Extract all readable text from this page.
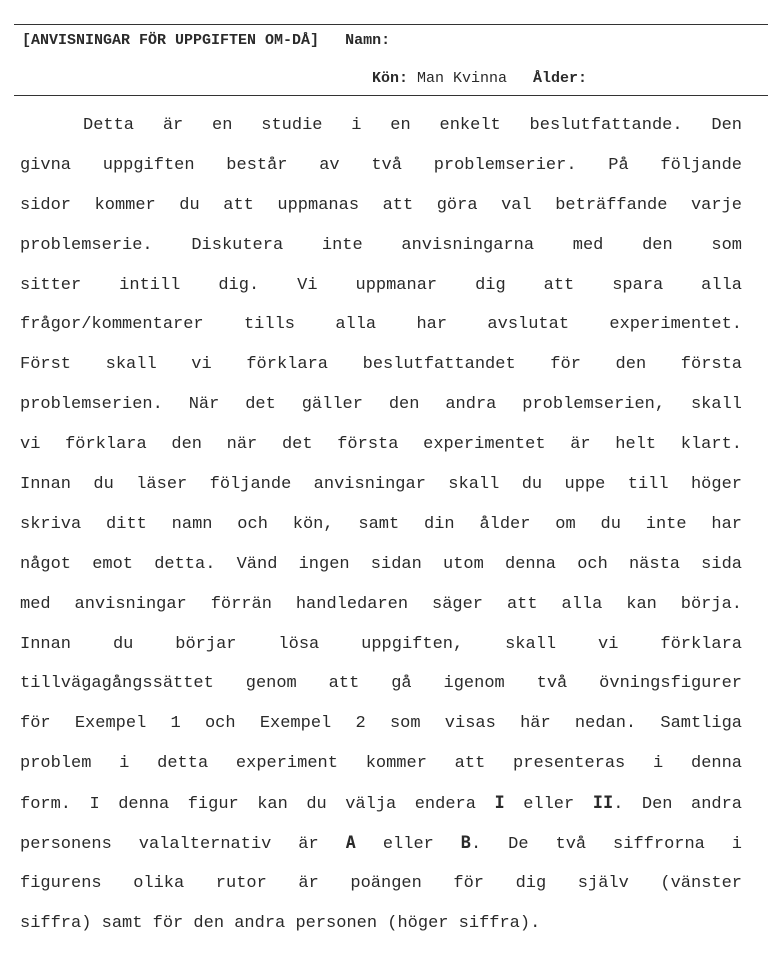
[ANVISNINGAR FÖR UPPGIFTEN OM-DÅ] Namn:
Kön: Man Kvinna Ålder:
Detta är en studie i en enkelt beslutfattande. Den
givna uppgiften består av två problemserier. På följande
sidor kommer du att uppmanas att göra val beträffande varje
problemserie. Diskutera inte anvisningarna med den som
sitter intill dig. Vi uppmanar dig att spara alla
frågor/kommentarer tills alla har avslutat experimentet.
Först skall vi förklara beslutfattandet för den första
problemserien. När det gäller den andra problemserien, skall
vi förklara den när det första experimentet är helt klart.
Innan du läser följande anvisningar skall du uppe till höger
skriva ditt namn och kön, samt din ålder om du inte har
något emot detta. Vänd ingen sidan utom denna och nästa sida
med anvisningar förrän handledaren säger att alla kan börja.
Innan du börjar lösa uppgiften, skall vi förklara
tillvägagångssättet genom att gå igenom två övningsfigurer
för Exempel 1 och Exempel 2 som visas här nedan. Samtliga
problem i detta experiment kommer att presenteras i denna
form. I denna figur kan du välja endera I eller II. Den andra
personens valalternativ är A eller B. De två siffrorna i
figurens olika rutor är poängen för dig själv (vänster
siffra) samt för den andra personen (höger siffra).
